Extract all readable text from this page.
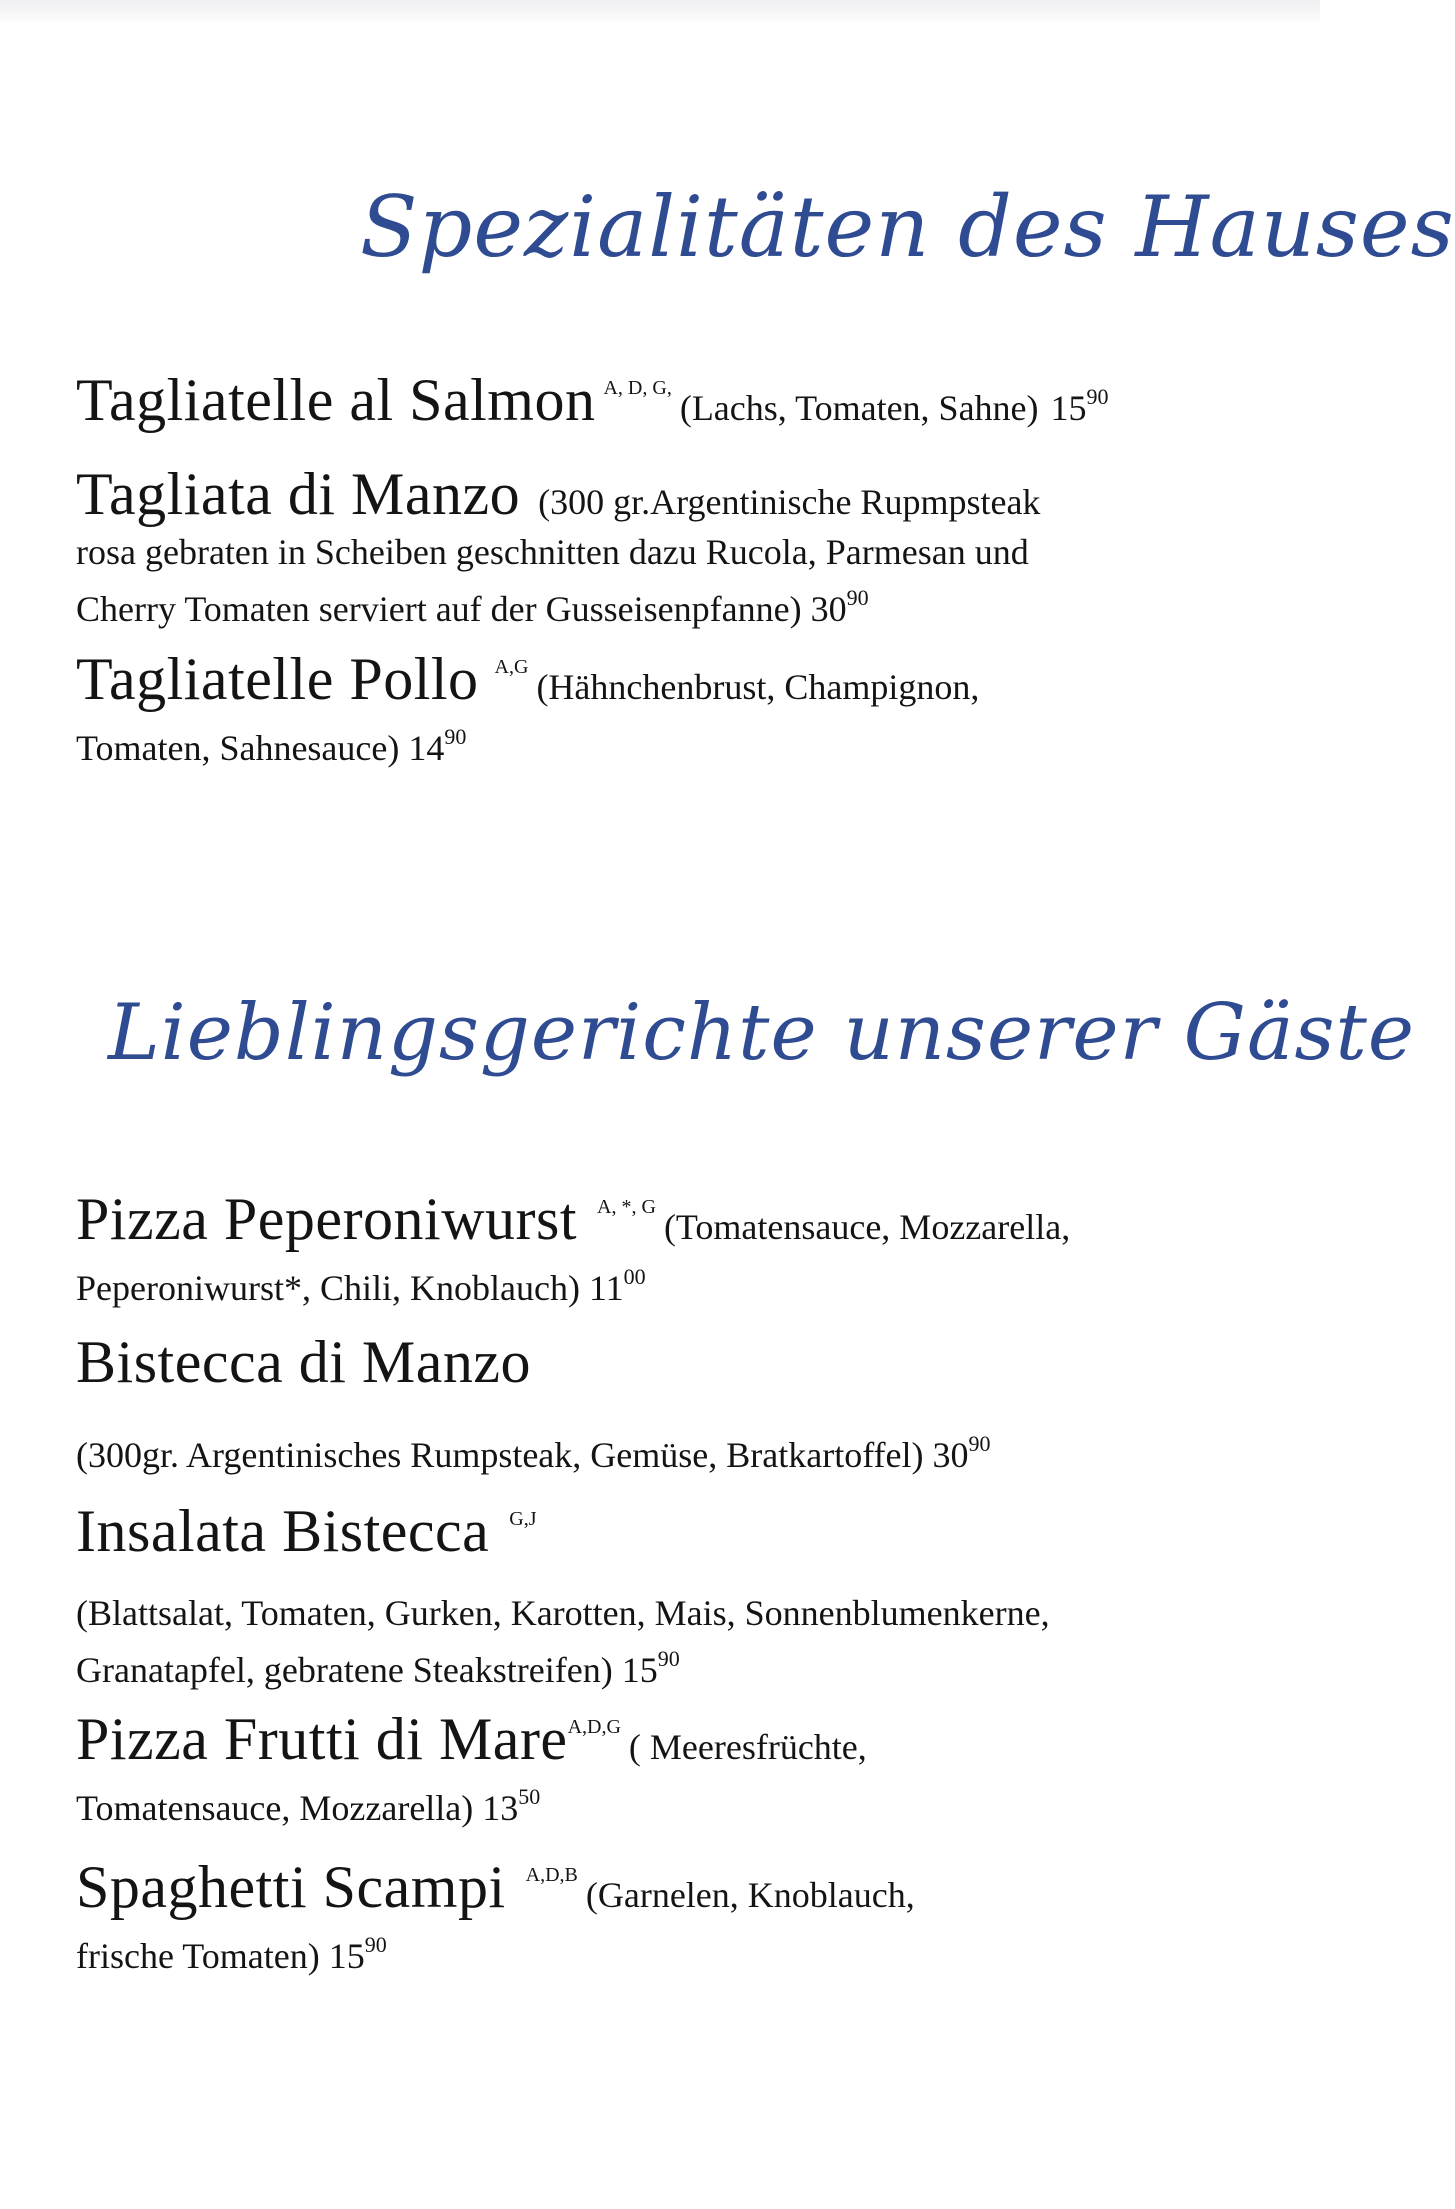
Spezialitäten des Hauses
Tagliatelle al Salmon A, D, G, (Lachs, Tomaten, Sahne) 1590
Tagliata di Manzo (300 gr.Argentinische Rupmpsteak
rosa gebraten in Scheiben geschnitten dazu Rucola, Parmesan und
Cherry Tomaten serviert auf der Gusseisenpfanne) $30^{90}$
Tagliatelle Pollo A,G (Hähnchenbrust, Champignon,
Tomaten, Sahnesauce) $14^{90}$
Lieblingsgerichte unserer Gäste
Pizza Peperoniwurst A, *, G (Tomatensauce, Mozzarella,
Peperoniwurst*, Chili, Knoblauch) $11^{00}$
Bistecca di Manzo
(300gr. Argentinisches Rumpsteak, Gemüse, Bratkartoffel) $30^{90}$
Insalata Bistecca G,J
(Blattsalat, Tomaten, Gurken, Karotten, Mais, Sonnenblumenkerne,
Granatapfel, gebratene Steakstreifen) $15^{90}$
Pizza Frutti di MareA,D,G ( Meeresfrüchte,
Tomatensauce, Mozzarella) $13^{50}$
Spaghetti Scampi A,D,B (Garnelen, Knoblauch,
frische Tomaten) $15^{90}$
